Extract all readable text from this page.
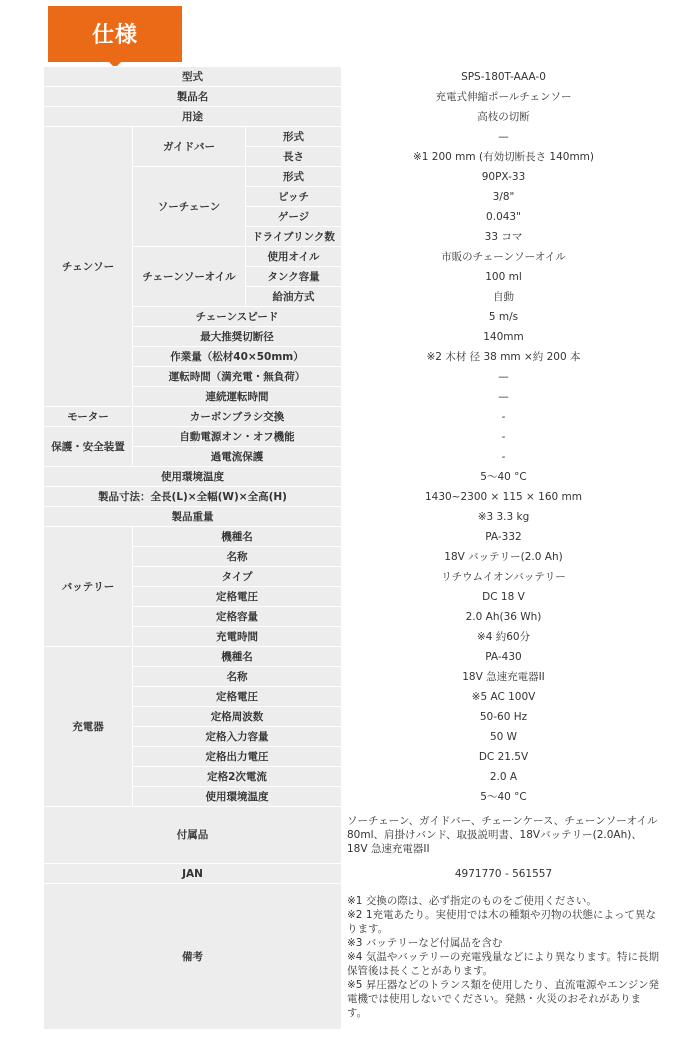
仕様
型式			SPS-180T-AAA-0
製品名			充電式伸縮ポールチェンソー
用途			高枝の切断
チェンソー	ガイドバー	形式	—
		長さ	※1 200 mm (有効切断長さ 140mm)
	ソーチェーン	形式	90PX-33
		ピッチ	3/8"
		ゲージ	0.043"
		ドライブリンク数	33 コマ
	チェーンソーオイル	使用オイル	市販のチェーンソーオイル
		タンク容量	100 ml
		給油方式	自動
	チェーンスピード		5 m/s
	最大推奨切断径		140mm
	作業量（松材40×50mm）		※2 木材 径 38 mm ×約 200 本
	運転時間（満充電・無負荷）		—
	連続運転時間		—
モーター	カーボンブラシ交換		-
保護・安全装置	自動電源オン・オフ機能		-
	過電流保護		-
使用環境温度			5～40 °C
製品寸法：全長(L)×全幅(W)×全高(H)			1430~2300 × 115 × 160 mm
製品重量			※3 3.3 kg
バッテリー	機種名		PA-332
	名称		18V バッテリー(2.0 Ah)
	タイプ		リチウムイオンバッテリー
	定格電圧		DC 18 V
	定格容量		2.0 Ah(36 Wh)
	充電時間		※4 約60分
充電器	機種名		PA-430
	名称		18V 急速充電器II
	定格電圧		※5 AC 100V
	定格周波数		50-60 Hz
	定格入力容量		50 W
	定格出力電圧		DC 21.5V
	定格2次電流		2.0 A
	使用環境温度		5～40 °C
付属品			ソーチェーン、ガイドバー、チェーンケース、チェーンソーオイル 80ml、肩掛けバンド、取扱説明書、18Vバッテリー(2.0Ah)、18V 急速充電器II
JAN			4971770 - 561557
備考			※1 交換の際は、必ず指定のものをご使用ください。
※2 1充電あたり。実使用では木の種類や刃物の状態によって異なります。
※3 バッテリーなど付属品を含む
※4 気温やバッテリーの充電残量などにより異なります。特に長期保管後は長くことがあります。
※5 昇圧器などのトランス類を使用したり、直流電源やエンジン発電機では使用しないでください。発熱・火災のおそれがあります。
